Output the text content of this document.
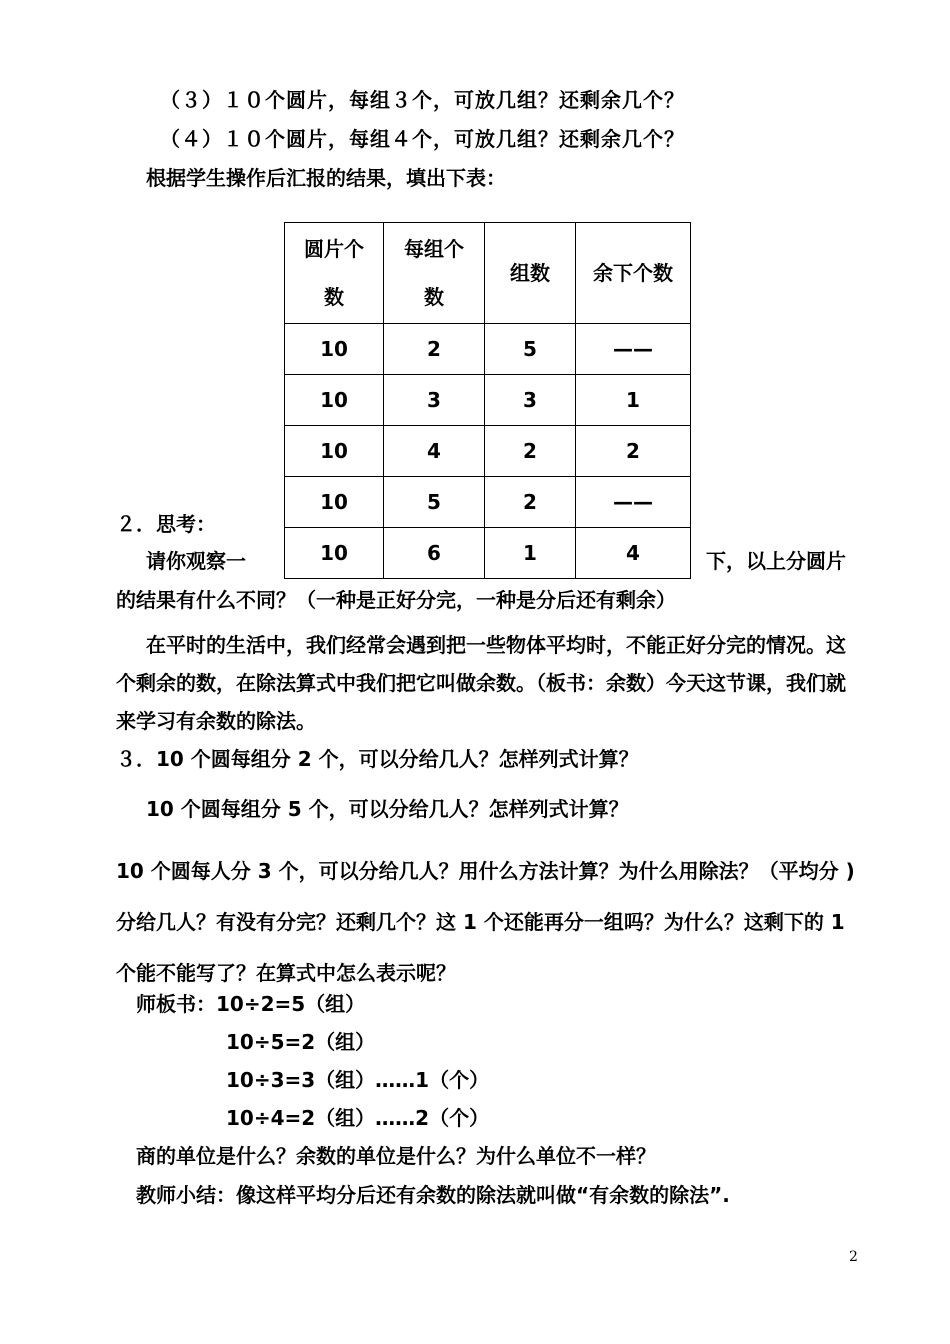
（３）１０个圆片，每组３个，可放几组？还剩余几个？
（４）１０个圆片，每组４个，可放几组？还剩余几个？
根据学生操作后汇报的结果，填出下表：
圆片个数	每组个数	组数	余下个数
10	2	5	——
10	3	3	1
10	4	2	2
10	5	2	——
10	6	1	4
２．思考：
请你观察一	下，以上分圆片
的结果有什么不同？（一种是正好分完，一种是分后还有剩余）
在平时的生活中，我们经常会遇到把一些物体平均时，不能正好分完的情况。这个剩余的数，在除法算式中我们把它叫做余数。（板书：余数）今天这节课，我们就来学习有余数的除法。
３．10 个圆每组分 2 个，可以分给几人？怎样列式计算？
10 个圆每组分 5 个，可以分给几人？怎样列式计算？
10 个圆每人分 3 个，可以分给几人？用什么方法计算？为什么用除法？（平均分 )分给几人？有没有分完？还剩几个？这 1 个还能再分一组吗？为什么？这剩下的 1 个能不能写了？在算式中怎么表示呢？
师板书：10÷2=5（组）
10÷5=2（组）
10÷3=3（组）……1（个）
10÷4=2（组）……2（个）
商的单位是什么？余数的单位是什么？为什么单位不一样？
教师小结：像这样平均分后还有余数的除法就叫做“有余数的除法”.
2
